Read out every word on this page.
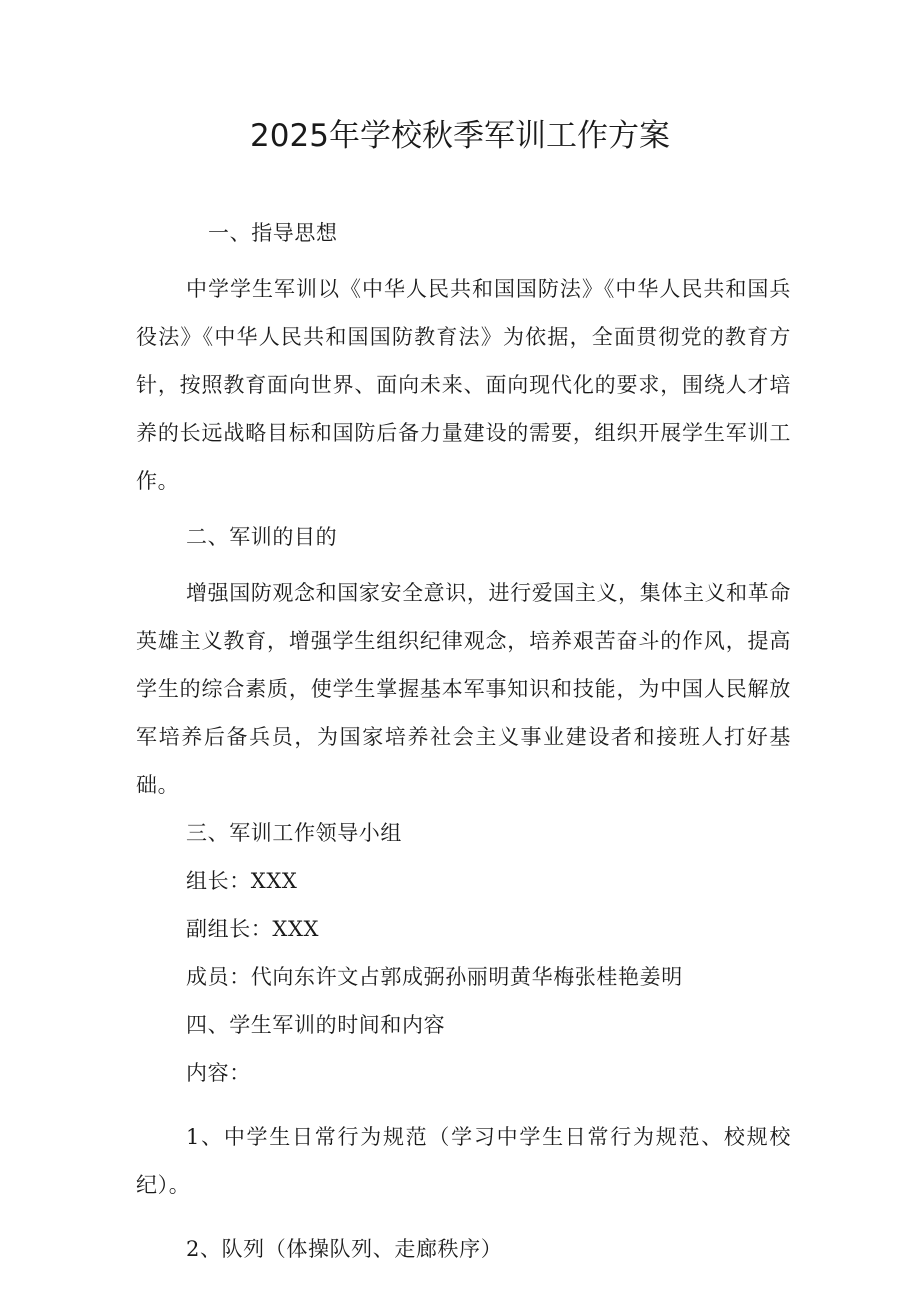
2025年学校秋季军训工作方案

一、指导思想

中学学生军训以《中华人民共和国国防法》《中华人民共和国兵役法》《中华人民共和国国防教育法》为依据，全面贯彻党的教育方针，按照教育面向世界、面向未来、面向现代化的要求，围绕人才培养的长远战略目标和国防后备力量建设的需要，组织开展学生军训工作。

二、军训的目的

增强国防观念和国家安全意识，进行爱国主义，集体主义和革命英雄主义教育，增强学生组织纪律观念，培养艰苦奋斗的作风，提高学生的综合素质，使学生掌握基本军事知识和技能，为中国人民解放军培养后备兵员，为国家培养社会主义事业建设者和接班人打好基础。

三、军训工作领导小组

组长：XXX

副组长：XXX

成员：代向东许文占郭成弼孙丽明黄华梅张桂艳姜明

四、学生军训的时间和内容

内容：

1、中学生日常行为规范（学习中学生日常行为规范、校规校纪）。

2、队列（体操队列、走廊秩序）
